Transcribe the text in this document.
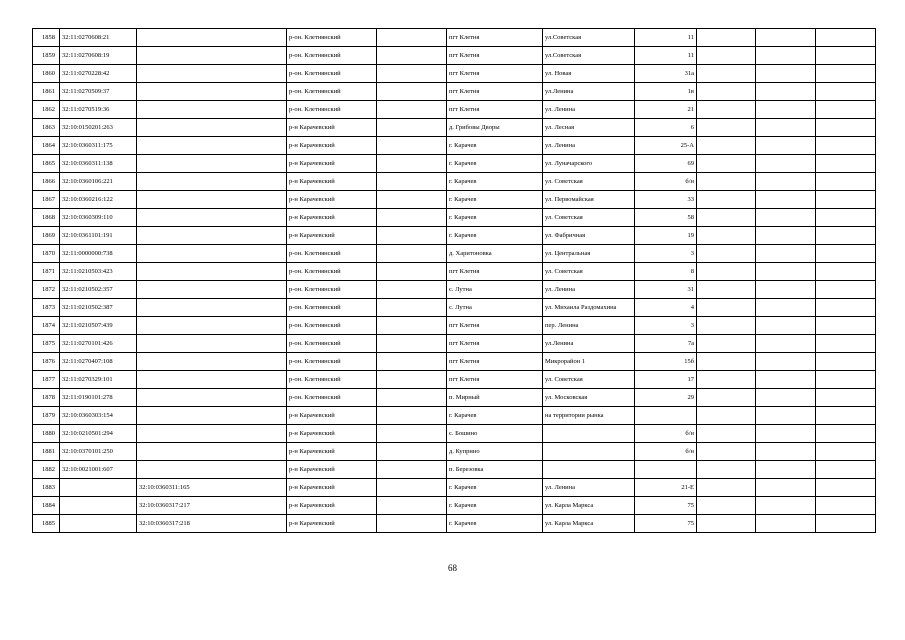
1858	32:11:0270608:21		р-он. Клетнянский		пгт Клетня	ул.Советская	11			
1859	32:11:0270608:19		р-он. Клетнянский		пгт Клетня	ул.Советская	11			
1860	32:11:0270228:42		р-он. Клетнянский		пгт Клетня	ул. Новая	31а			
1861	32:11:0270509:37		р-он. Клетнянский		пгт Клетня	ул.Ленина	1в			
1862	32:11:0270519:36		р-он. Клетнянский		пгт Клетня	ул. Ленина	21			
1863	32:10:0150201:263		р-н Карачевский		д. Грибовы Дворы	ул. Лесная	6			
1864	32:10:0360311:175		р-н Карачевский		г. Карачев	ул. Ленина	25-А			
1865	32:10:0360311:138		р-н Карачевский		г. Карачев	ул. Луначарского	69			
1866	32:10:0360106:221		р-н Карачевский		г. Карачев	ул. Советская	б/н			
1867	32:10:0360216:122		р-н Карачевский		г. Карачев	ул. Первомайская	33			
1868	32:10:0360309:110		р-н Карачевский		г. Карачев	ул. Советская	58			
1869	32:10:0361101:191		р-н Карачевский		г. Карачев	ул. Фабричная	19			
1870	32:11:0000000:738		р-он. Клетнянский		д. Харитоновка	ул. Центральная	3			
1871	32:11:0210503:423		р-он. Клетнянский		пгт Клетня	ул. Советская	8			
1872	32:11:0210502:357		р-он. Клетнянский		с. Лутна	ул. Ленина	31			
1873	32:11:0210502:387		р-он. Клетнянский		с. Лутна	ул. Михаила Раздомахина	4			
1874	32:11:0210507:439		р-он. Клетнянский		пгт Клетня	пер. Ленина	3			
1875	32:11:0270101:426		р-он. Клетнянский		пгт Клетня	ул.Ленина	7а			
1876	32:11:0270407:108		р-он. Клетнянский		пгт Клетня	Микрорайон 1	15б			
1877	32:11:0270329:101		р-он. Клетнянский		пгт Клетня	ул. Советская	17			
1878	32:11:0190101:278		р-он. Клетнянский		п. Мирный	ул. Московская	29			
1879	32:10:0360303:154		р-н Карачевский		г. Карачев	на территории рынка				
1880	32:10:0210501:294		р-н Карачевский		с. Бошино		б/н			
1881	32:10:0370101:250		р-н Карачевский		д. Куприно		б/н			
1882	32:10:0021001:607		р-н Карачевский		п. Березовка					
1883		32:10:0360311:165	р-н Карачевский		г. Карачев	ул. Ленина	21-Е			
1884		32:10:0360317:217	р-н Карачевский		г. Карачев	ул. Карла Маркса	75			
1885		32:10:0360317:218	р-н Карачевский		г. Карачев	ул. Карла Маркса	75			
68
